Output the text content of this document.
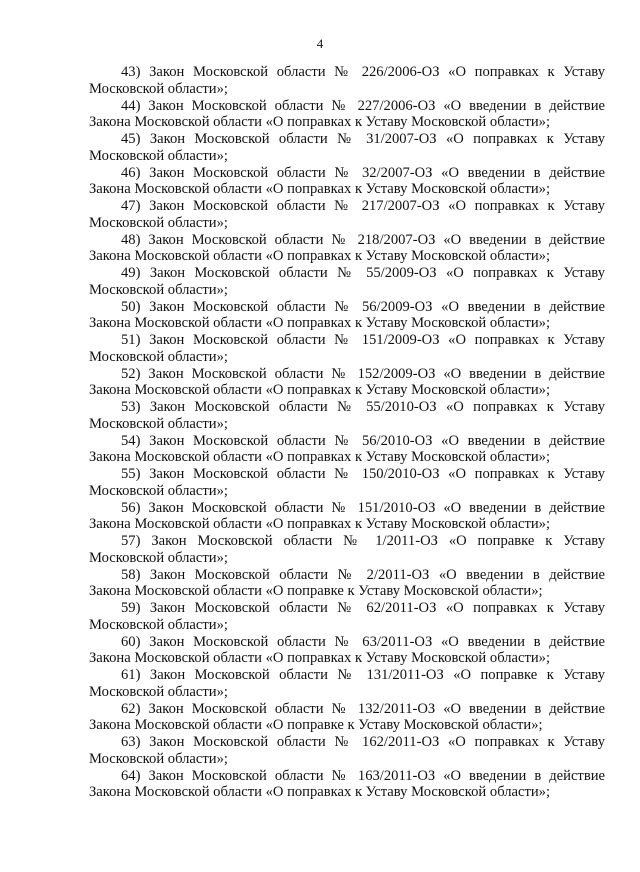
4
43) Закон Московской области № 226/2006-ОЗ «О поправках к Уставу
Московской области»;
44) Закон Московской области № 227/2006-ОЗ «О введении в действие
Закона Московской области «О поправках к Уставу Московской области»;
45) Закон Московской области № 31/2007-ОЗ «О поправках к Уставу
Московской области»;
46) Закон Московской области № 32/2007-ОЗ «О введении в действие
Закона Московской области «О поправках к Уставу Московской области»;
47) Закон Московской области № 217/2007-ОЗ «О поправках к Уставу
Московской области»;
48) Закон Московской области № 218/2007-ОЗ «О введении в действие
Закона Московской области «О поправках к Уставу Московской области»;
49) Закон Московской области № 55/2009-ОЗ «О поправках к Уставу
Московской области»;
50) Закон Московской области № 56/2009-ОЗ «О введении в действие
Закона Московской области «О поправках к Уставу Московской области»;
51) Закон Московской области № 151/2009-ОЗ «О поправках к Уставу
Московской области»;
52) Закон Московской области № 152/2009-ОЗ «О введении в действие
Закона Московской области «О поправках к Уставу Московской области»;
53) Закон Московской области № 55/2010-ОЗ «О поправках к Уставу
Московской области»;
54) Закон Московской области № 56/2010-ОЗ «О введении в действие
Закона Московской области «О поправках к Уставу Московской области»;
55) Закон Московской области № 150/2010-ОЗ «О поправках к Уставу
Московской области»;
56) Закон Московской области № 151/2010-ОЗ «О введении в действие
Закона Московской области «О поправках к Уставу Московской области»;
57) Закон Московской области № 1/2011-ОЗ «О поправке к Уставу
Московской области»;
58) Закон Московской области № 2/2011-ОЗ «О введении в действие
Закона Московской области «О поправке к Уставу Московской области»;
59) Закон Московской области № 62/2011-ОЗ «О поправках к Уставу
Московской области»;
60) Закон Московской области № 63/2011-ОЗ «О введении в действие
Закона Московской области «О поправках к Уставу Московской области»;
61) Закон Московской области № 131/2011-ОЗ «О поправке к Уставу
Московской области»;
62) Закон Московской области № 132/2011-ОЗ «О введении в действие
Закона Московской области «О поправке к Уставу Московской области»;
63) Закон Московской области № 162/2011-ОЗ «О поправках к Уставу
Московской области»;
64) Закон Московской области № 163/2011-ОЗ «О введении в действие
Закона Московской области «О поправках к Уставу Московской области»;
